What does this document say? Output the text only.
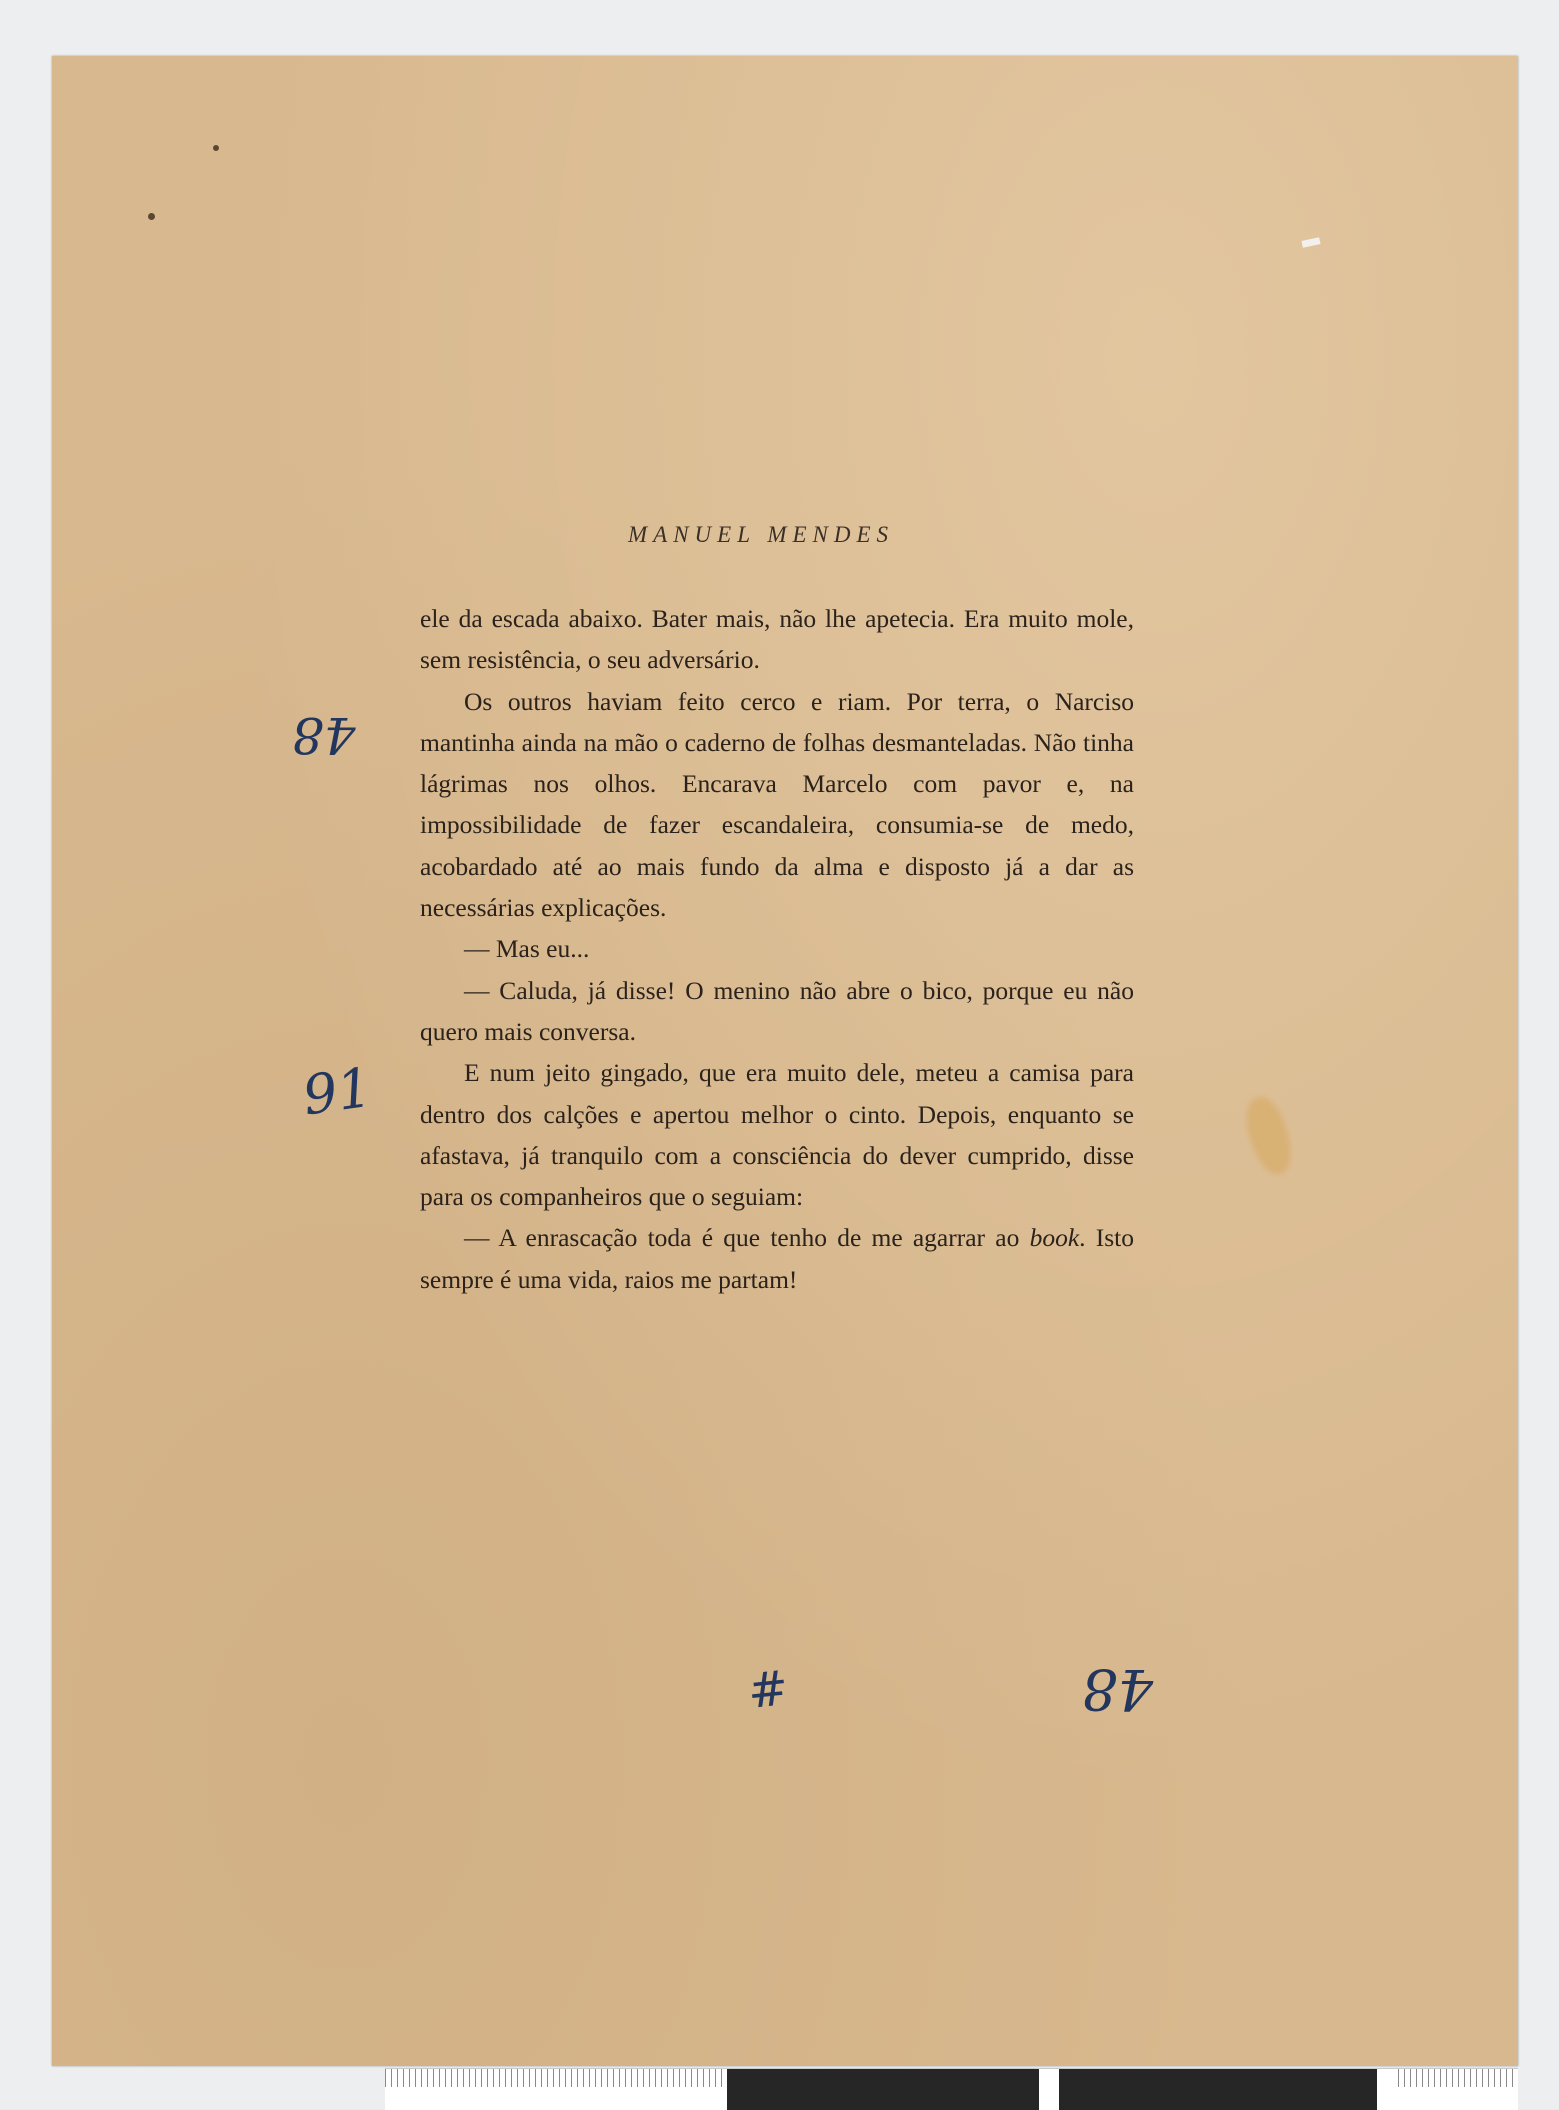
MANUEL MENDES

ele da escada abaixo. Bater mais, não lhe apetecia. Era muito mole, sem resistência, o seu adversário.

Os outros haviam feito cerco e riam. Por terra, o Narciso mantinha ainda na mão o caderno de folhas desmanteladas. Não tinha lágrimas nos olhos. Encarava Marcelo com pavor e, na impossibilidade de fazer escandaleira, consumia-se de medo, acobardado até ao mais fundo da alma e disposto já a dar as necessárias explicações.

— Mas eu...

— Caluda, já disse! O menino não abre o bico, porque eu não quero mais conversa.

E num jeito gingado, que era muito dele, meteu a camisa para dentro dos calções e apertou melhor o cinto. Depois, enquanto se afastava, já tranquilo com a consciência do dever cumprido, disse para os companheiros que o seguiam:

— A enrascação toda é que tenho de me agarrar ao book. Isto sempre é uma vida, raios me partam!

48
91
#	48
